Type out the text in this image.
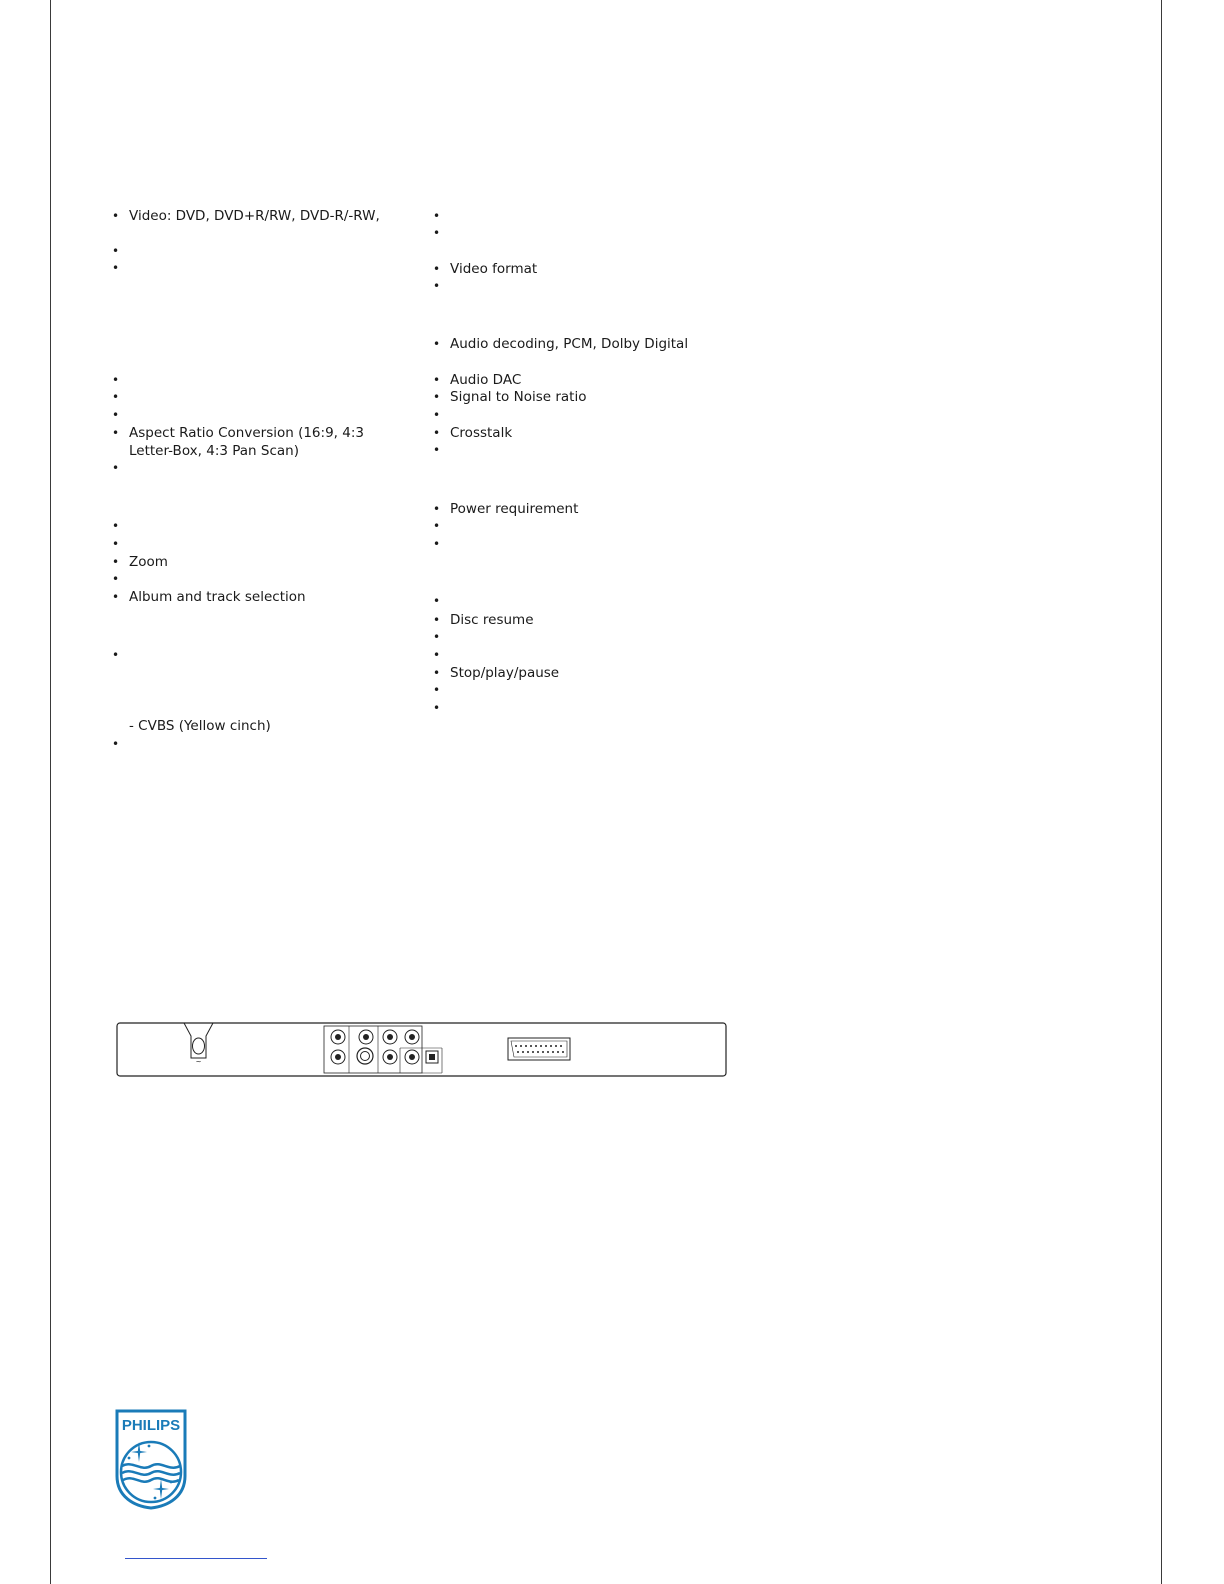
• Video: DVD, DVD+R/RW, DVD-R/-RW,
•
•
•
•
•
• Aspect Ratio Conversion (16:9, 4:3 Letter-Box, 4:3 Pan Scan)
•
•
•
• Zoom
•
• Album and track selection
•
- CVBS (Yellow cinch)
•
•
•
• Video format
•
• Audio decoding, PCM, Dolby Digital
• Audio DAC
• Signal to Noise ratio
•
• Crosstalk
•
• Power requirement
•
•
•
• Disc resume
•
•
• Stop/play/pause
•
•
~
PHILIPS
